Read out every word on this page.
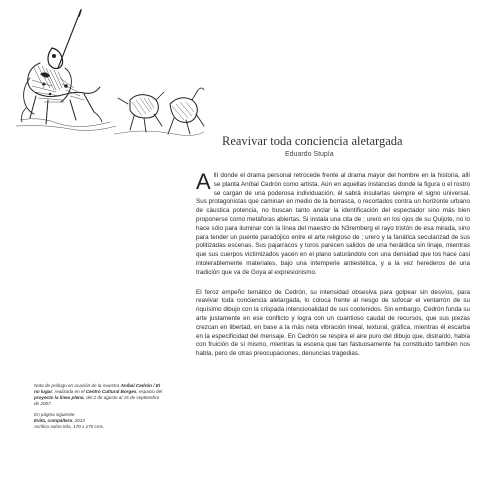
Reavivar toda conciencia aletargada
Eduardo Stupía

Allí donde el drama personal retrocede frente al drama mayor del hombre en la historia, allí se planta Aníbal Cedrón como artista. Aún en aquellas instancias donde la figura o el rostro se cargan de una poderosa individuación, él sabrá insularlas siempre el signo universal. Sus protagonistas que caminan en medio de la borrasca, o recortados contra un horizonte urbano de cáustica potencia, no buscan tanto anclar la identificación del espectador sino más bien proponerse como metáforas abiertas. Si instala una cita de ; urero en los ojos de su Quijote, no lo hace sólo para iluminar con la línea del maestro de N3remberg el rayo tristón de esa mirada, sino para tender un puente paradójico entre el arte religioso de ; urero y la fanática secularizad de sus politizadas escenas. Sus pajarracos y toros parecen salidos de una heráldica sin linaje, mientras que sus cuerpos victimizados yacen en el plano saturándolo con una densidad que los hace casi intolerablemente materiales, bajo una intemperie antiestética, y a la vez herederos de una tradición que va de Goya al expresionismo.

El feroz empeño temático de Cedrón, su intensidad obsesiva para golpear sin desvíos, para reavivar toda conciencia aletargada, lo coloca frente al riesgo de sofocar el ventarrón de su riquísimo dibujo con la crispada intencionalidad de sus contenidos. Sin embargo, Cedrón funda su arte justamente en ese conflicto y logra con un cuantioso caudal de recursos, que sus piezas crezcan en libertad, en base a la más neta vibración lineal, textural, gráfica, mientras él escarba en la especificidad del mensaje. En Cedrón se respira el aire puro del dibujo que, distraído, había con fruición de sí mismo, mientras la escena que tan fastuosamente ha constituido también nos habla, pero de otras preocupaciones, denuncias tragedias.

Nota de prólogo en ocasión de la muestra Aníbal Cedrón / El no lugar, realizada en el Centro Cultural Borges, espacio del proyecto la línea plena, del 2 de agosto al 15 de septiembre de 2007.

En página siguiente:
Evita, compañera, 2013
Acrílico sobre tela, 170 x 170 cms.
